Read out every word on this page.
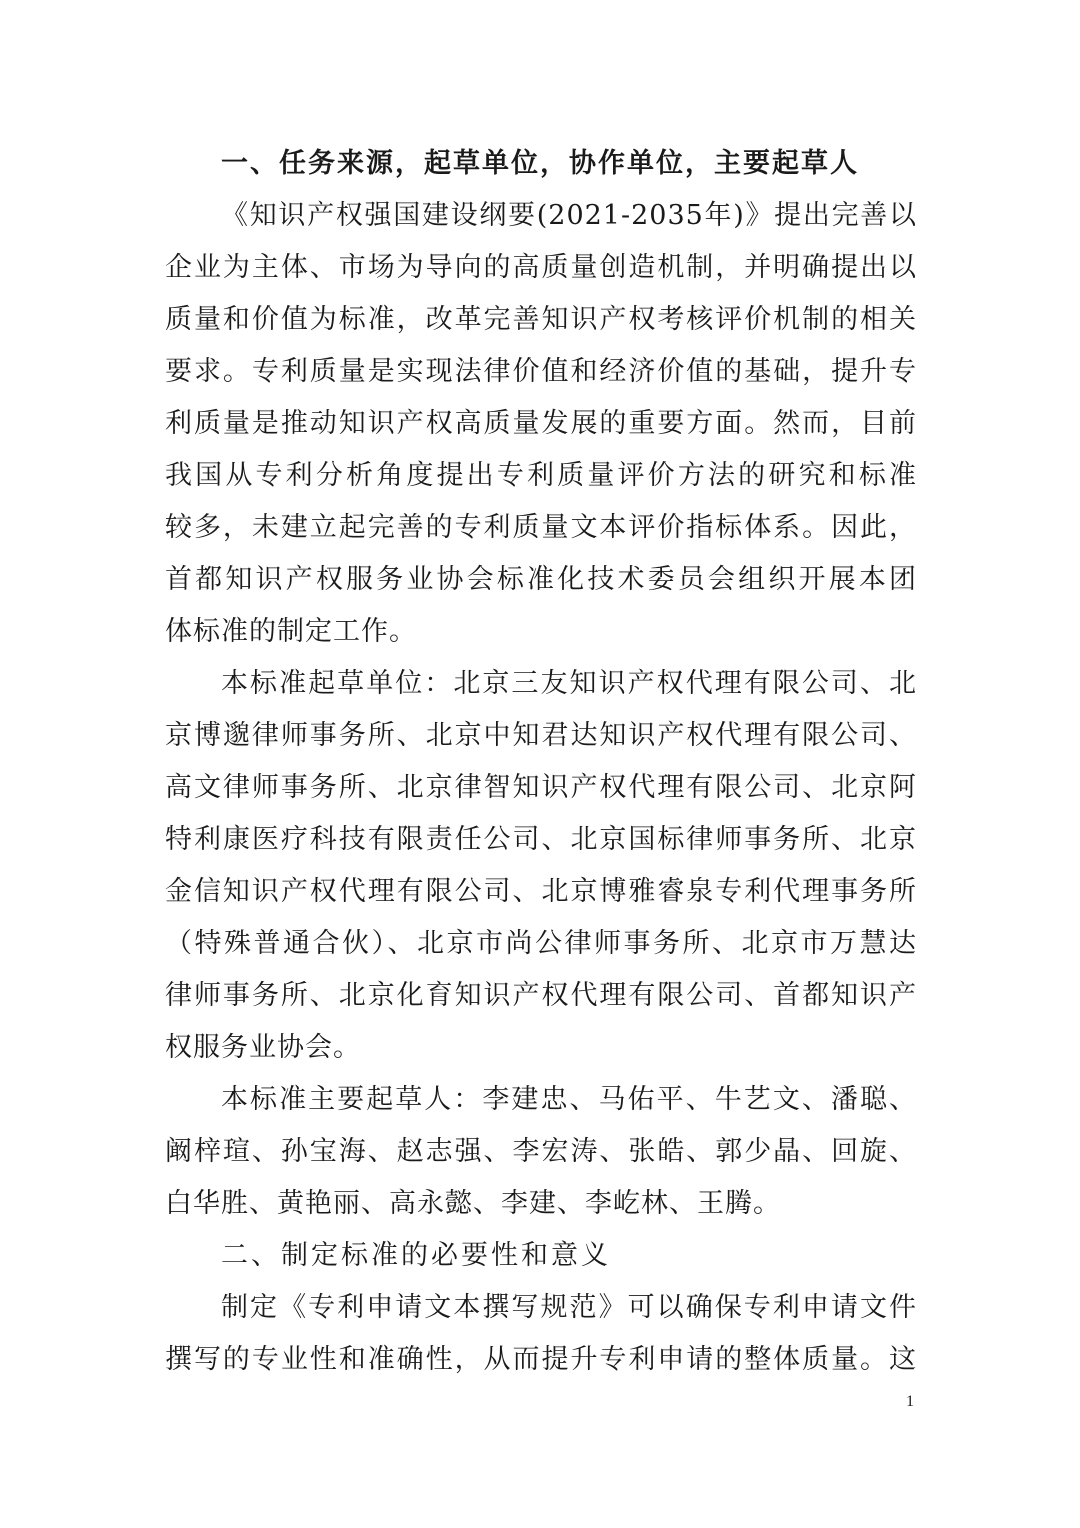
一、任务来源，起草单位，协作单位，主要起草人
《知识产权强国建设纲要(2021-2035年)》提出完善以
企业为主体、市场为导向的高质量创造机制，并明确提出以
质量和价值为标准，改革完善知识产权考核评价机制的相关
要求。专利质量是实现法律价值和经济价值的基础，提升专
利质量是推动知识产权高质量发展的重要方面。然而，目前
我国从专利分析角度提出专利质量评价方法的研究和标准
较多，未建立起完善的专利质量文本评价指标体系。因此，
首都知识产权服务业协会标准化技术委员会组织开展本团
体标准的制定工作。
本标准起草单位：北京三友知识产权代理有限公司、北
京博邈律师事务所、北京中知君达知识产权代理有限公司、
高文律师事务所、北京律智知识产权代理有限公司、北京阿
特利康医疗科技有限责任公司、北京国标律师事务所、北京
金信知识产权代理有限公司、北京博雅睿泉专利代理事务所
（特殊普通合伙）、北京市尚公律师事务所、北京市万慧达
律师事务所、北京化育知识产权代理有限公司、首都知识产
权服务业协会。
本标准主要起草人：李建忠、马佑平、牛艺文、潘聪、
阚梓瑄、孙宝海、赵志强、李宏涛、张皓、郭少晶、回旋、
白华胜、黄艳丽、高永懿、李建、李屹林、王腾。
二、制定标准的必要性和意义
制定《专利申请文本撰写规范》可以确保专利申请文件
撰写的专业性和准确性，从而提升专利申请的整体质量。这
1
